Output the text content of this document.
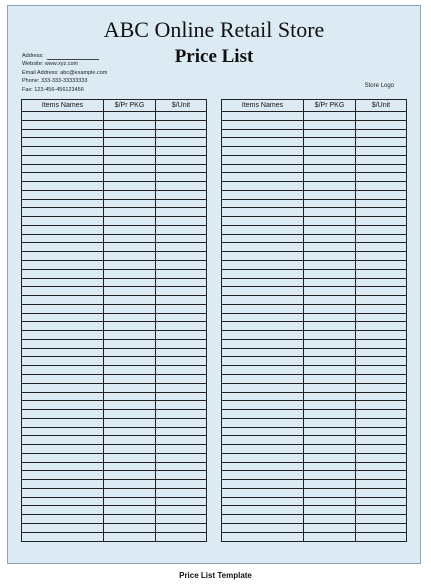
ABC Online Retail Store
Price List
Address:
Website: www.xyz.com
Email Address: abc@example.com
Phone: 333-333-33333333
Fax: 123-456-456123456
Store Logo
Items Names	$/Pr PKG	$/Unit

			Items Names	$/Pr PKG	$/Unit

Price List Template
